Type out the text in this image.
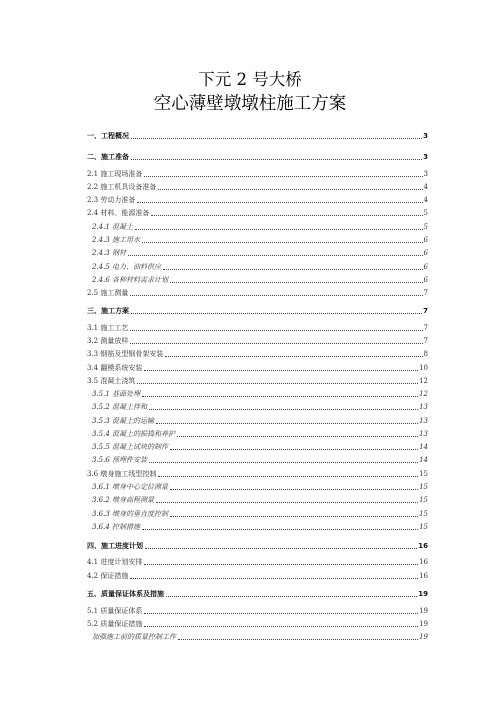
下元 2 号大桥
空心薄壁墩墩柱施工方案
一、工程概况	3
二、施工准备	3
2.1 施工现场准备	3
2.2 施工机具设备准备	4
2.3 劳动力准备	4
2.4 材料、能源准备	5
2.4.1 混凝土	5
2.4.3 施工用水	6
2.4.3 钢材	6
2.4.5 电力、油料供应	6
2.4.6 各种材料需求计划	6
2.5 施工测量	7
三、施工方案	7
3.1 施工工艺	7
3.2 测量放样	7
3.3 钢筋及型钢骨架安装	8
3.4 翻模系统安装	10
3.5 混凝土浇筑	12
3.5.1 基面处理	12
3.5.2 混凝土拌和	13
3.5.3 混凝土的运输	13
3.5.4 混凝土的振捣和养护	13
3.5.5 混凝土试块的制作	14
3.5.6 预埋件安装	14
3.6 墩身施工线型控制	15
3.6.1 墩身中心定位测量	15
3.6.2 墩身高程测量	15
3.6.3 墩身的垂直度控制	15
3.6.4 控制措施	15
四、施工进度计划	16
4.1 进度计划安排	16
4.2 保证措施	16
五、质量保证体系及措施	19
5.1 质量保证体系	19
5.2 质量保证措施	19
加强施工前的质量控制工作	19
